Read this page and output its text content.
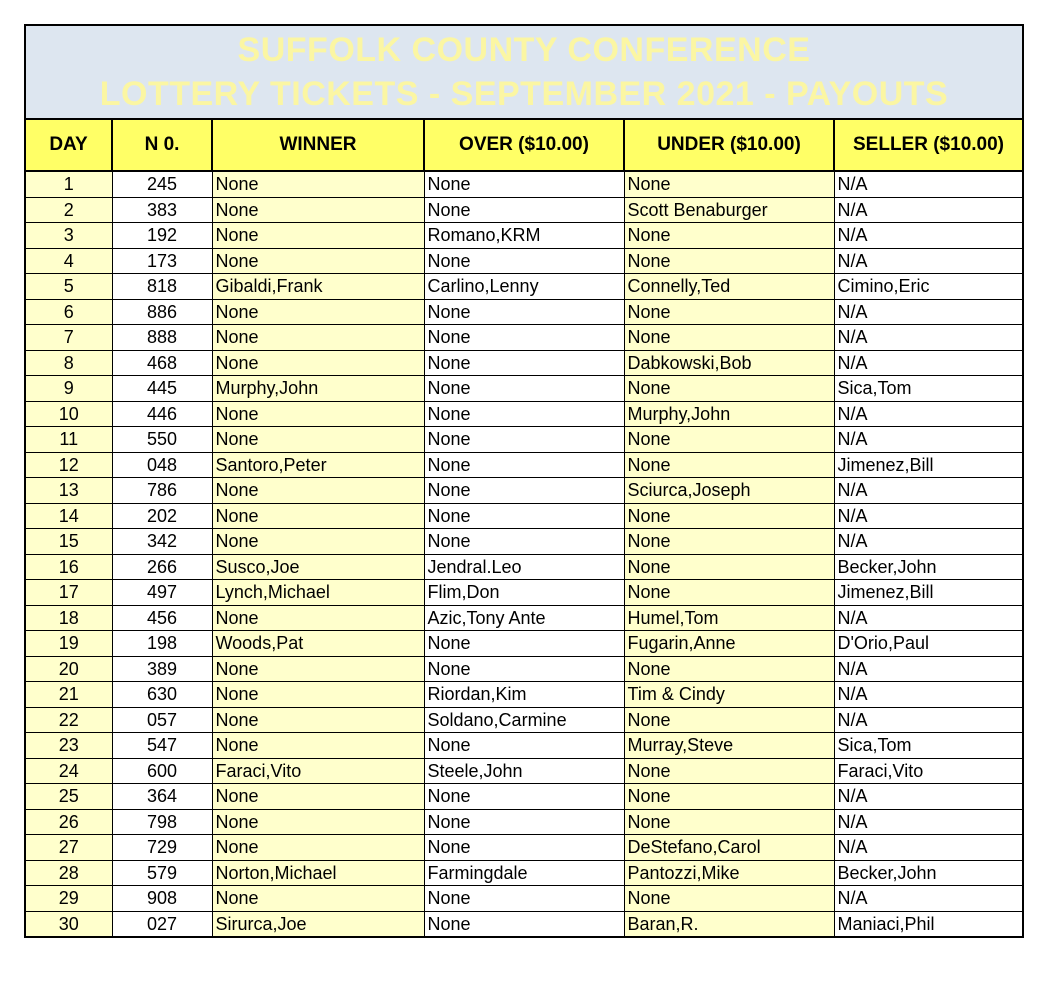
SUFFOLK COUNTY CONFERENCE
LOTTERY TICKETS - SEPTEMBER 2021 - PAYOUTS
DAY	N 0.	WINNER	OVER ($10.00)	UNDER ($10.00)	SELLER ($10.00)
1	245	None	None	None	N/A
2	383	None	None	Scott Benaburger	N/A
3	192	None	Romano,KRM	None	N/A
4	173	None	None	None	N/A
5	818	Gibaldi,Frank	Carlino,Lenny	Connelly,Ted	Cimino,Eric
6	886	None	None	None	N/A
7	888	None	None	None	N/A
8	468	None	None	Dabkowski,Bob	N/A
9	445	Murphy,John	None	None	Sica,Tom
10	446	None	None	Murphy,John	N/A
11	550	None	None	None	N/A
12	048	Santoro,Peter	None	None	Jimenez,Bill
13	786	None	None	Sciurca,Joseph	N/A
14	202	None	None	None	N/A
15	342	None	None	None	N/A
16	266	Susco,Joe	Jendral.Leo	None	Becker,John
17	497	Lynch,Michael	Flim,Don	None	Jimenez,Bill
18	456	None	Azic,Tony Ante	Humel,Tom	N/A
19	198	Woods,Pat	None	Fugarin,Anne	D'Orio,Paul
20	389	None	None	None	N/A
21	630	None	Riordan,Kim	Tim & Cindy	N/A
22	057	None	Soldano,Carmine	None	N/A
23	547	None	None	Murray,Steve	Sica,Tom
24	600	Faraci,Vito	Steele,John	None	Faraci,Vito
25	364	None	None	None	N/A
26	798	None	None	None	N/A
27	729	None	None	DeStefano,Carol	N/A
28	579	Norton,Michael	Farmingdale	Pantozzi,Mike	Becker,John
29	908	None	None	None	N/A
30	027	Sirurca,Joe	None	Baran,R.	Maniaci,Phil
